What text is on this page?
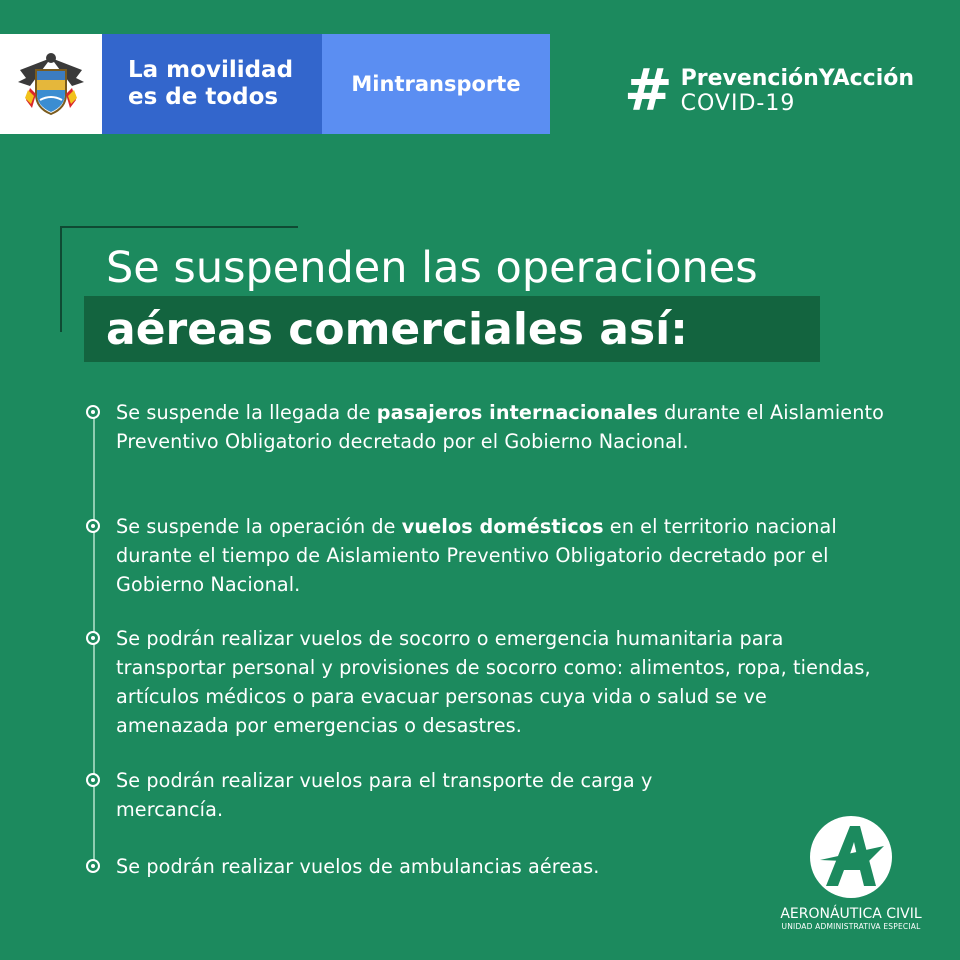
La movilidad
es de todos	Mintransporte # PrevenciónYAcción
COVID-19
Se suspenden las operaciones
aéreas comerciales así:
Se suspende la llegada de pasajeros internacionales durante el Aislamiento Preventivo Obligatorio decretado por el Gobierno Nacional.
Se suspende la operación de vuelos domésticos en el territorio nacional durante el tiempo de Aislamiento Preventivo Obligatorio decretado por el Gobierno Nacional.
Se podrán realizar vuelos de socorro o emergencia humanitaria para transportar personal y provisiones de socorro como: alimentos, ropa, tiendas, artículos médicos o para evacuar personas cuya vida o salud se ve amenazada por emergencias o desastres.
Se podrán realizar vuelos para el transporte de carga y mercancía.
Se podrán realizar vuelos de ambulancias aéreas.
AERONÁUTICA CIVIL
UNIDAD ADMINISTRATIVA ESPECIAL
